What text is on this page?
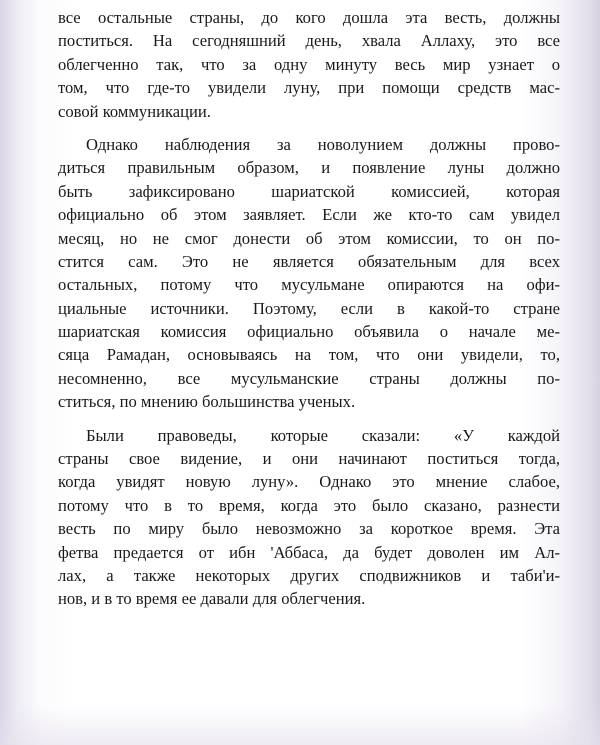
все остальные страны, до кого дошла эта весть, должны
поститься. На сегодняшний день, хвала Аллаху, это все
облегченно так, что за одну минуту весь мир узнает о
том, что где-то увидели луну, при помощи средств мас-
совой коммуникации.
Однако наблюдения за новолунием должны прово-
диться правильным образом, и появление луны должно
быть зафиксировано шариатской комиссией, которая
официально об этом заявляет. Если же кто-то сам увидел
месяц, но не смог донести об этом комиссии, то он по-
стится сам. Это не является обязательным для всех
остальных, потому что мусульмане опираются на офи-
циальные источники. Поэтому, если в какой-то стране
шариатская комиссия официально объявила о начале ме-
сяца Рамадан, основываясь на том, что они увидели, то,
несомненно, все мусульманские страны должны по-
ститься, по мнению большинства ученых.
Были правоведы, которые сказали: «У каждой
страны свое видение, и они начинают поститься тогда,
когда увидят новую луну». Однако это мнение слабое,
потому что в то время, когда это было сказано, разнести
весть по миру было невозможно за короткое время. Эта
фетва предается от ибн 'Аббаса, да будет доволен им Ал-
лах, а также некоторых других сподвижников и таби'и-
нов, и в то время ее давали для облегчения.
